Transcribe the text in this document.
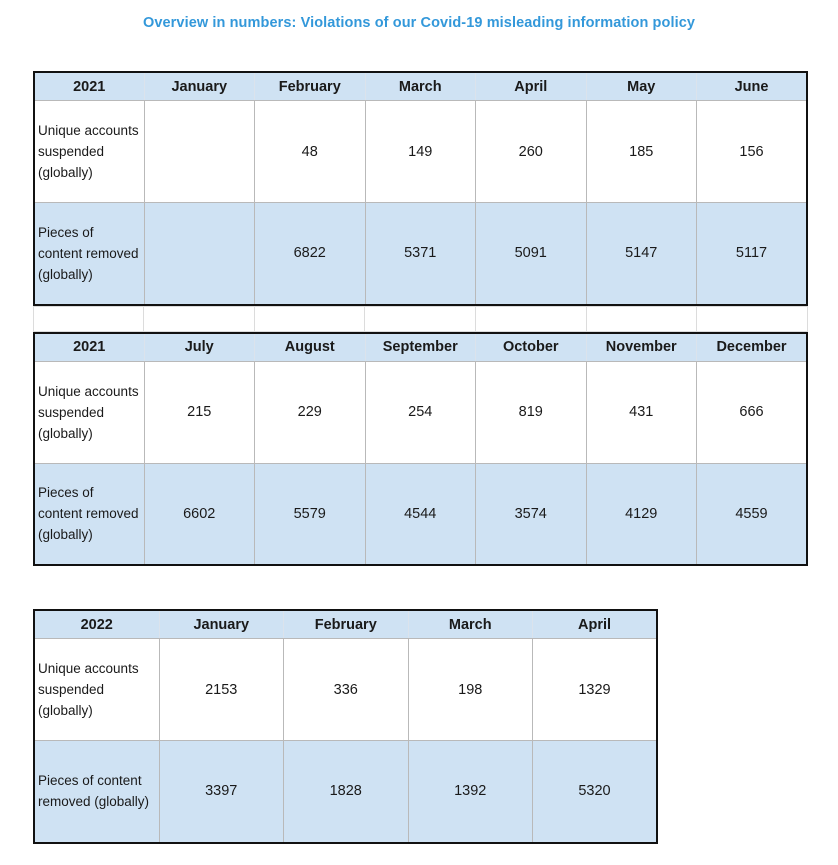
Overview in numbers: Violations of our Covid-19 misleading information policy
2021	January	February	March	April	May	June
Unique accounts suspended (globally)		48	149	260	185	156
Pieces of content removed (globally)		6822	5371	5091	5147	5117

2021	July	August	September	October	November	December
Unique accounts suspended (globally)	215	229	254	819	431	666
Pieces of content removed (globally)	6602	5579	4544	3574	4129	4559
2022	January	February	March	April
Unique accounts suspended (globally)	2153	336	198	1329
Pieces of content removed (globally)	3397	1828	1392	5320
